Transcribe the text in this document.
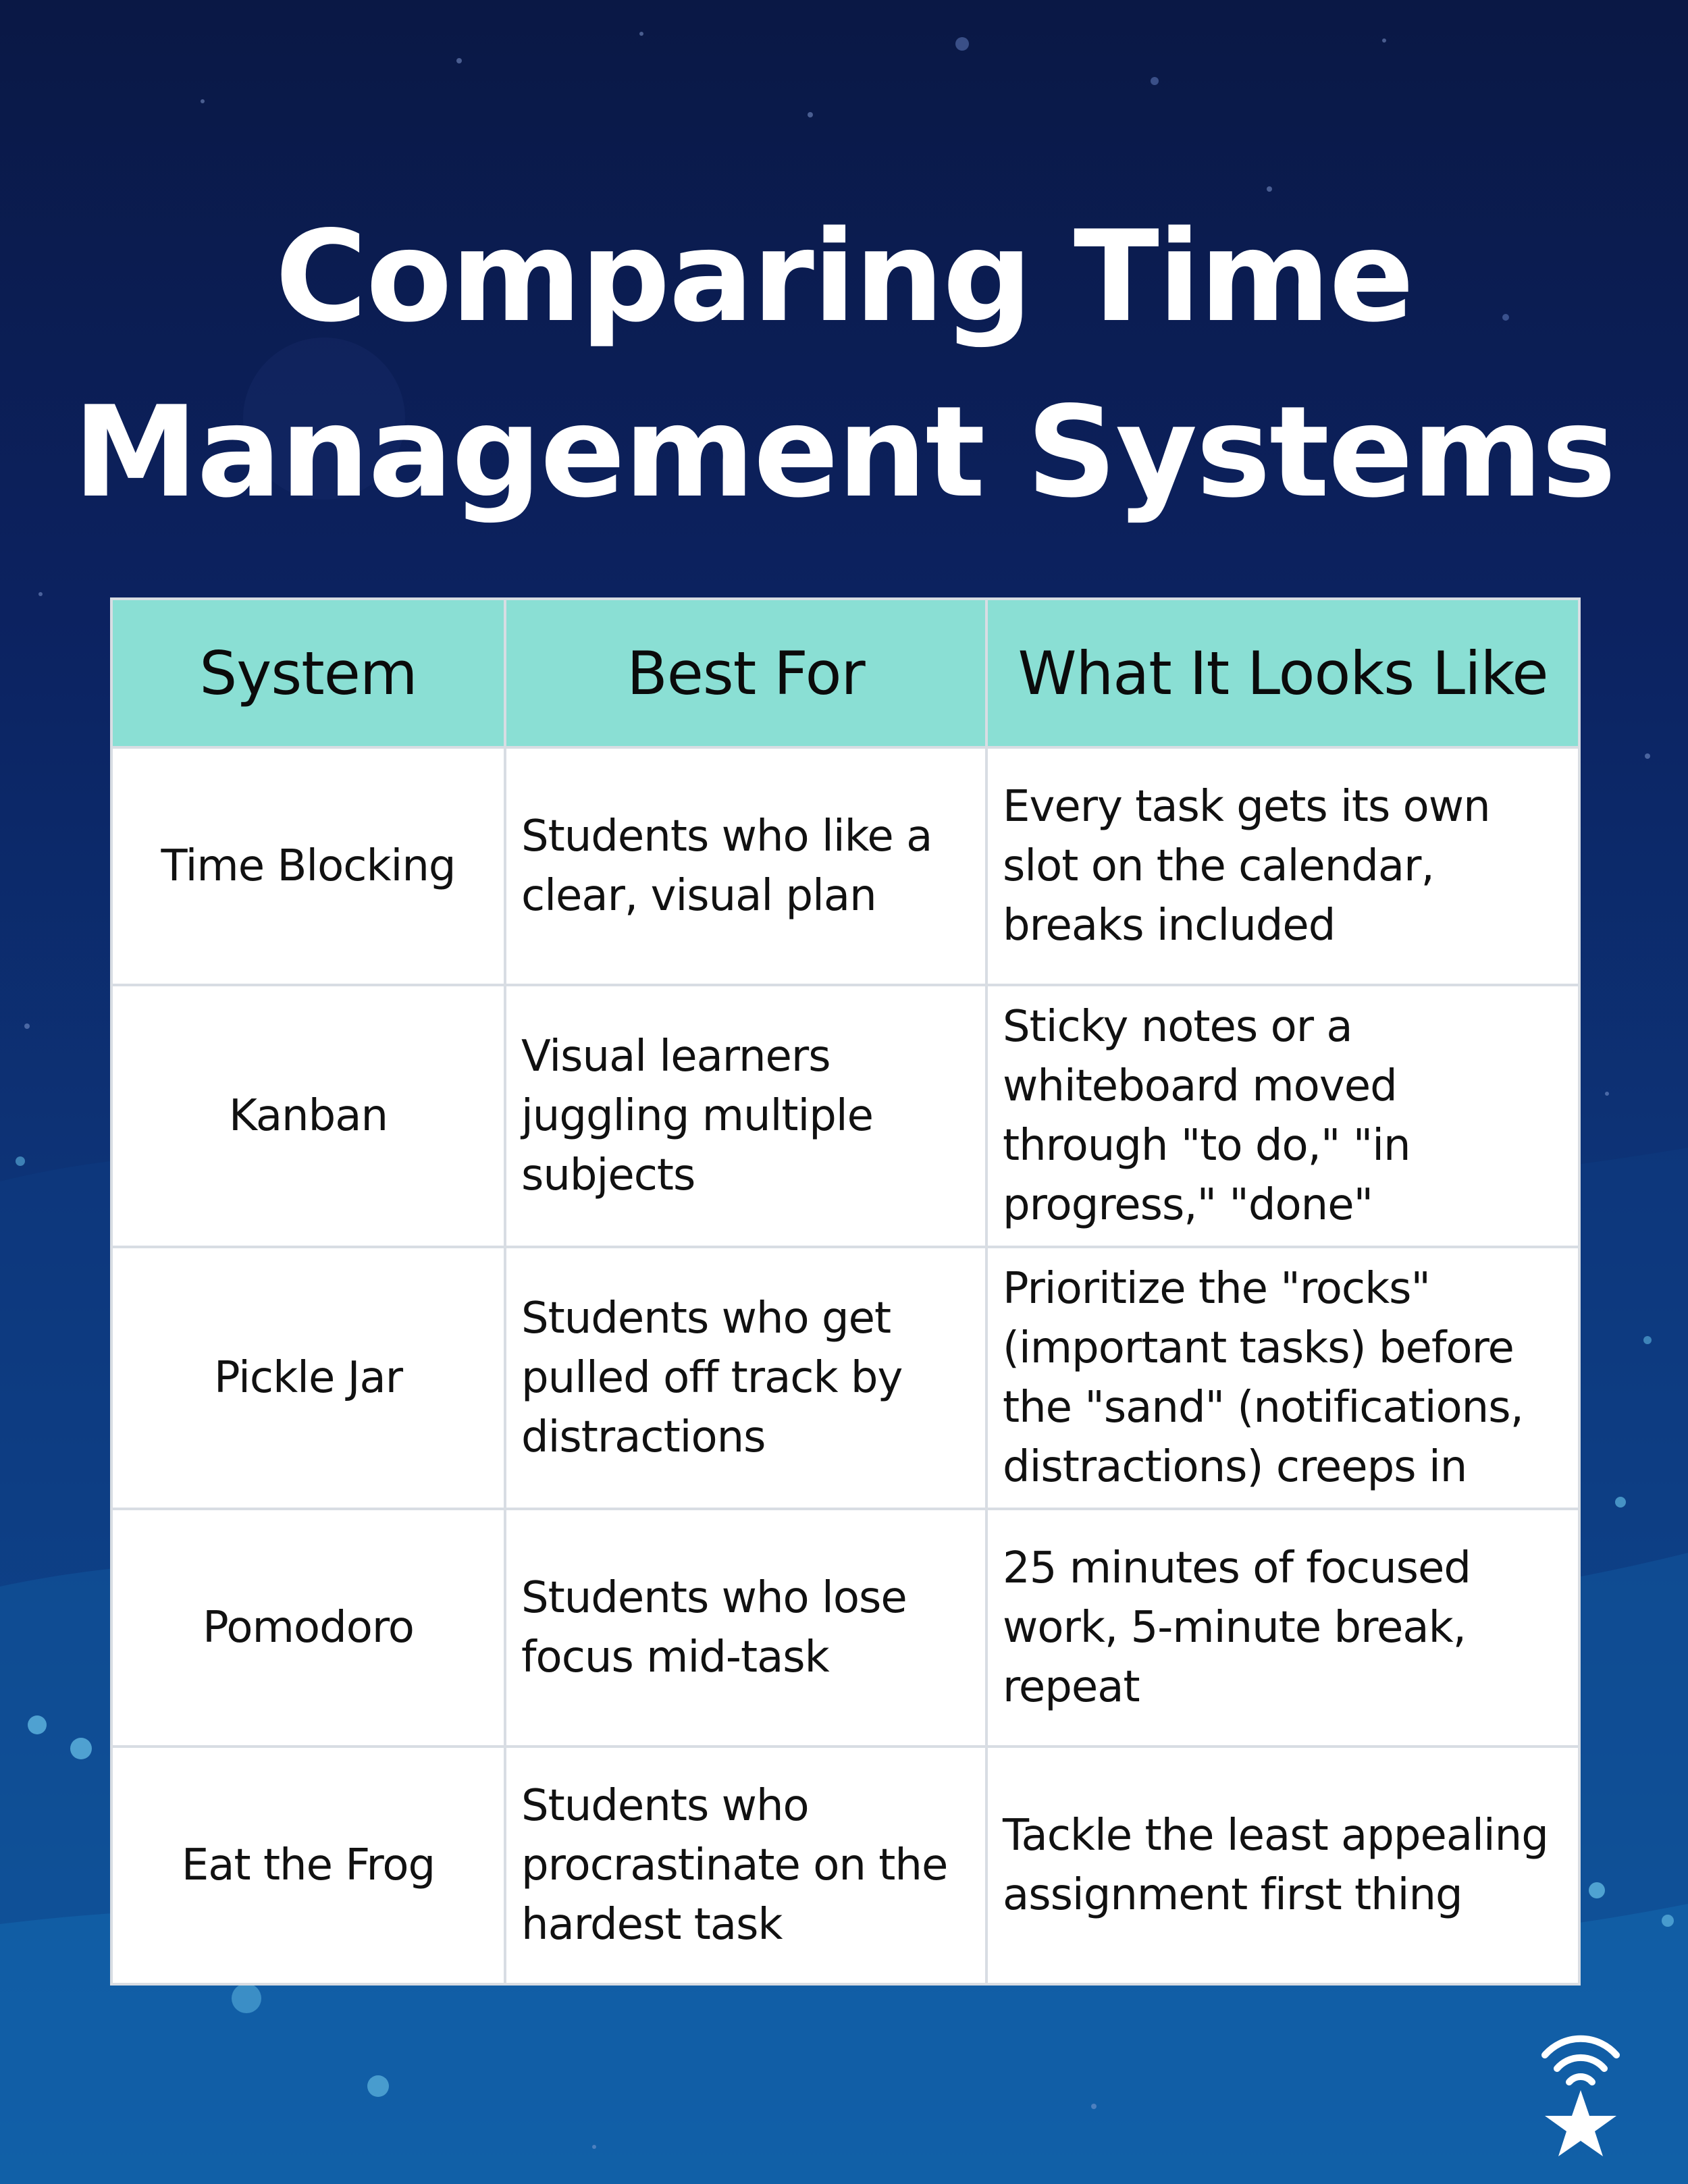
Comparing Time
Management Systems
System	Best For	What It Looks Like
Time Blocking	Students who like a clear, visual plan	Every task gets its own slot on the calendar, breaks included
Kanban	Visual learners juggling multiple subjects	Sticky notes or a whiteboard moved through "to do," "in progress," "done"
Pickle Jar	Students who get pulled off track by distractions	Prioritize the "rocks" (important tasks) before the "sand" (notifications, distractions) creeps in
Pomodoro	Students who lose focus mid-task	25 minutes of focused work, 5-minute break, repeat
Eat the Frog	Students who procrastinate on the hardest task	Tackle the least appealing assignment first thing
